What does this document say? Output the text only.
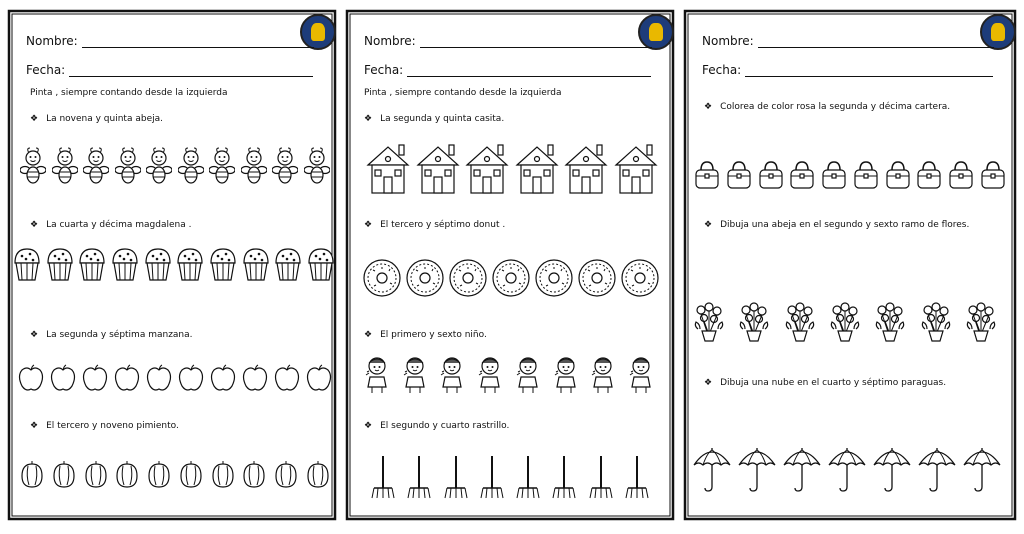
Nombre:
Fecha:
Pinta , siempre contando desde la izquierda
❖ La novena y quinta abeja.
❖ La cuarta y décima magdalena .
❖ La segunda y séptima manzana.
❖ El tercero y noveno pimiento.
Nombre:
Fecha:
Pinta , siempre contando desde la izquierda
❖ La segunda y quinta casita.
❖ El tercero y séptimo donut .
❖ El primero y sexto niño.
❖ El segundo y cuarto rastrillo.
Nombre:
Fecha:
❖ Colorea de color rosa la segunda y décima cartera.
❖ Dibuja una abeja en el segundo y sexto ramo de flores.
❖ Dibuja una nube en el cuarto y séptimo paraguas.
